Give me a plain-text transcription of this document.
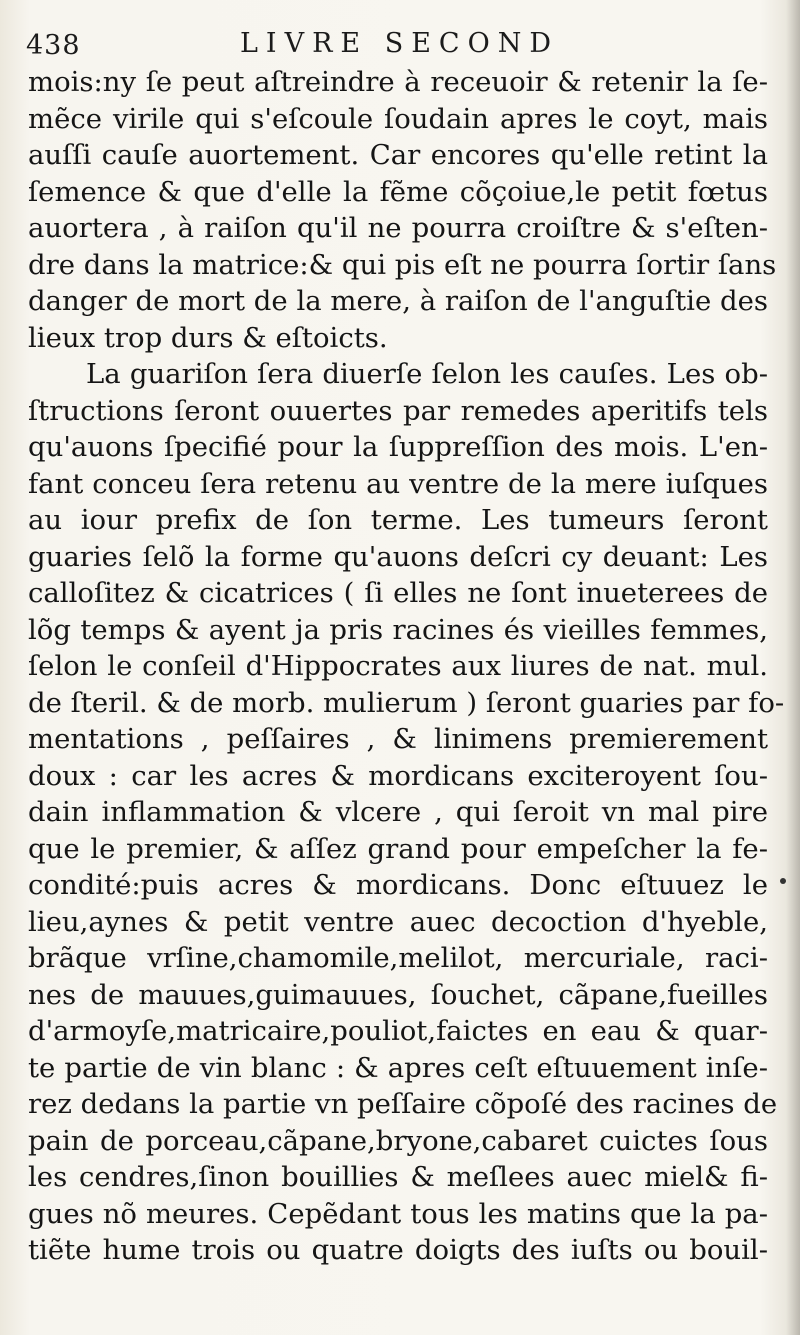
438	LIVRE SECOND
mois:ny ſe peut aſtreindre à receuoir & retenir la ſe-
mẽce virile qui s'eſcoule ſoudain apres le coyt, mais
auſſi cauſe auortement. Car encores qu'elle retint la
ſemence & que d'elle la fẽme cõçoiue,le petit fœtus
auortera , à raiſon qu'il ne pourra croiſtre & s'eſten-
dre dans la matrice:& qui pis eſt ne pourra ſortir ſans
danger de mort de la mere, à raiſon de l'anguſtie des
lieux trop durs & eſtoicts.
La guariſon ſera diuerſe ſelon les cauſes. Les ob-
ſtructions ſeront ouuertes par remedes aperitifs tels
qu'auons ſpecifié pour la ſuppreſſion des mois. L'en-
fant conceu ſera retenu au ventre de la mere iuſques
au iour prefix de ſon terme. Les tumeurs ſeront
guaries ſelõ la forme qu'auons deſcri cy deuant: Les
calloſitez & cicatrices ( ſi elles ne ſont inueterees de
lõg temps & ayent ja pris racines és vieilles femmes,
ſelon le conſeil d'Hippocrates aux liures de nat. mul.
de ſteril. & de morb. mulierum ) ſeront guaries par fo-
mentations , peſſaires , & linimens premierement
doux : car les acres & mordicans exciteroyent ſou-
dain inflammation & vlcere , qui ſeroit vn mal pire
que le premier, & aſſez grand pour empeſcher la fe-
condité:puis acres & mordicans. Donc eſtuuez le
lieu,aynes & petit ventre auec decoction d'hyeble,
brãque vrſine,chamomile,melilot, mercuriale, raci-
nes de mauues,guimauues, ſouchet, cãpane,fueilles
d'armoyſe,matricaire,pouliot,faictes en eau & quar-
te partie de vin blanc : & apres ceſt eſtuuement inſe-
rez dedans la partie vn peſſaire cõpoſé des racines de
pain de porceau,cãpane,bryone,cabaret cuictes ſous
les cendres,ſinon bouillies & meſlees auec miel& fi-
gues nõ meures. Cepẽdant tous les matins que la pa-
tiẽte hume trois ou quatre doigts des iuſts ou bouil-
